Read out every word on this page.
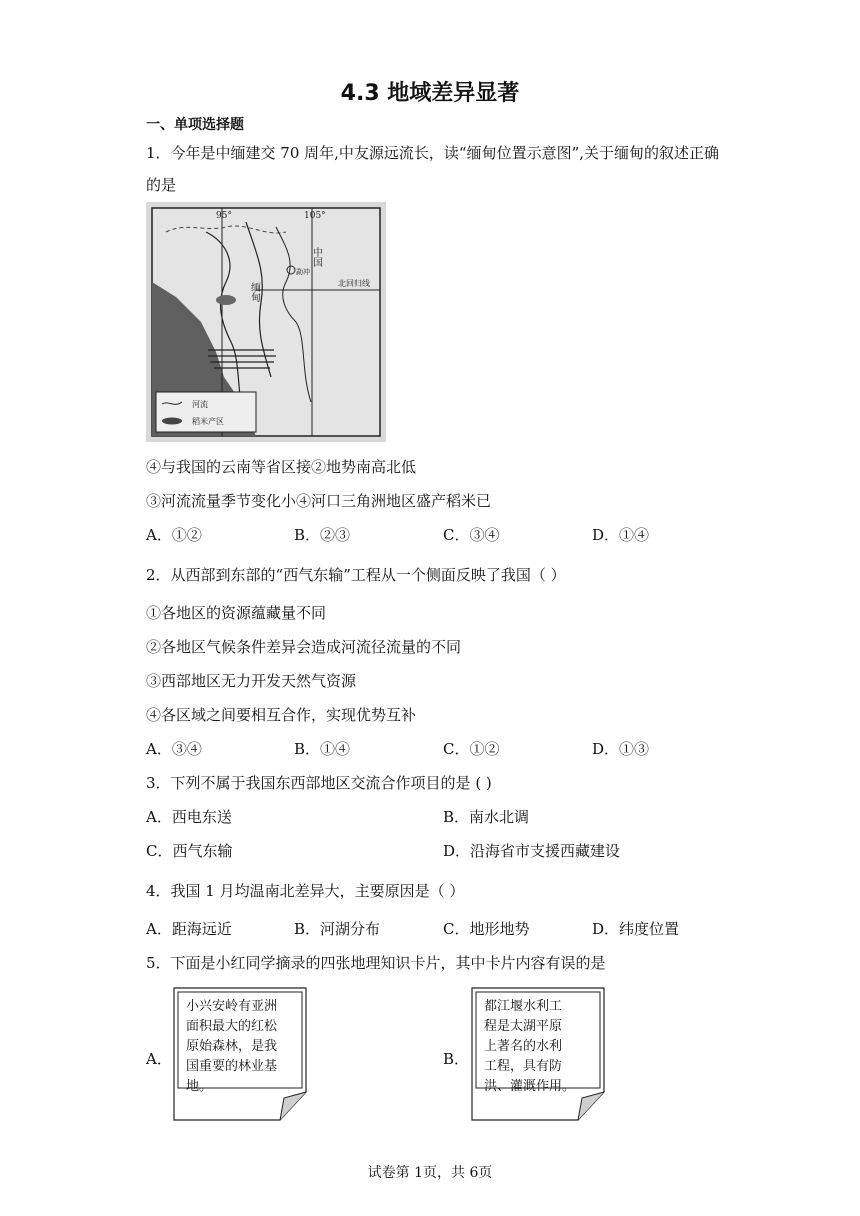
4.3 地域差异显著
一、单项选择题
1．今年是中缅建交 70 周年,中友源远流长，读“缅甸位置示意图”,关于缅甸的叙述正确
的是
95°	105°
中国
北回归线
缅甸
勐冲
河流
稻米产区
④与我国的云南等省区接②地势南高北低
③河流流量季节变化小④河口三角洲地区盛产稻米已
A．①②	B．②③	C．③④	D．①④
2．从西部到东部的“西气东输”工程从一个侧面反映了我国（ ）
①各地区的资源蕴藏量不同
②各地区气候条件差异会造成河流径流量的不同
③西部地区无力开发天然气资源
④各区域之间要相互合作，实现优势互补
A．③④	B．①④	C．①②	D．①③
3．下列不属于我国东西部地区交流合作项目的是 ( )
A．西电东送	B．南水北调
C．西气东输	D．沿海省市支援西藏建设
4．我国 1 月均温南北差异大，主要原因是（ ）
A．距海远近	B．河湖分布	C．地形地势	D．纬度位置
5．下面是小红同学摘录的四张地理知识卡片，其中卡片内容有误的是
A．
小兴安岭有亚洲
面积最大的红松
原始森林，是我
国重要的林业基
地。
B．
都江堰水利工
程是太湖平原
上著名的水利
工程，具有防
洪、灌溉作用。
试卷第 1页，共 6页
